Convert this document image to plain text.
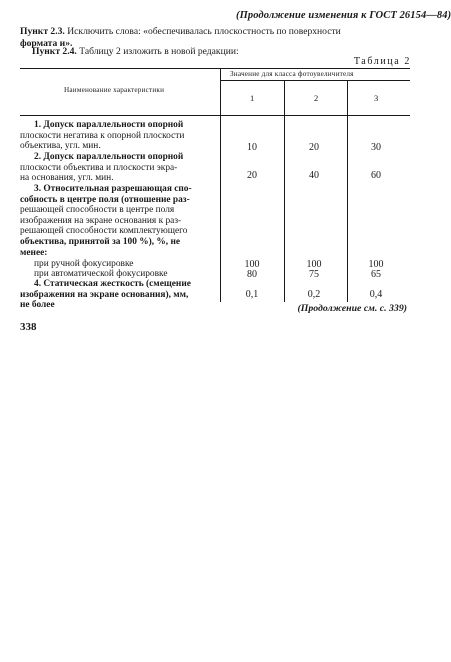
(Продолжение изменения к ГОСТ 26154—84)
Пункт 2.3. Исключить слова: «обеспечивалась плоскостность по поверхности
формата и».
Пункт 2.4. Таблицу 2 изложить в новой редакции:
Таблица 2
Наименование характеристики
Значение для класса фотоувеличителя
1	2	3
1. Допуск параллельности опорной
плоскости негатива к опорной плоскости
объектива, угл. мин.	10	20	30
2. Допуск параллельности опорной
плоскости объектива и плоскости экра-
на основания, угл. мин.	20	40	60
3. Относительная разрешающая спо-
собность в центре поля (отношение раз-
решающей способности в центре поля
изображения на экране основания к раз-
решающей способности комплектующего
объектива, принятой за 100 %), %, не
менее:
при ручной фокусировке	100	100	100
при автоматической фокусировке	80	75	65
4. Статическая жесткость (смещение
изображения на экране основания), мм,
не более
0,1	0,2	0,4
(Продолжение см. с. 339)
338
